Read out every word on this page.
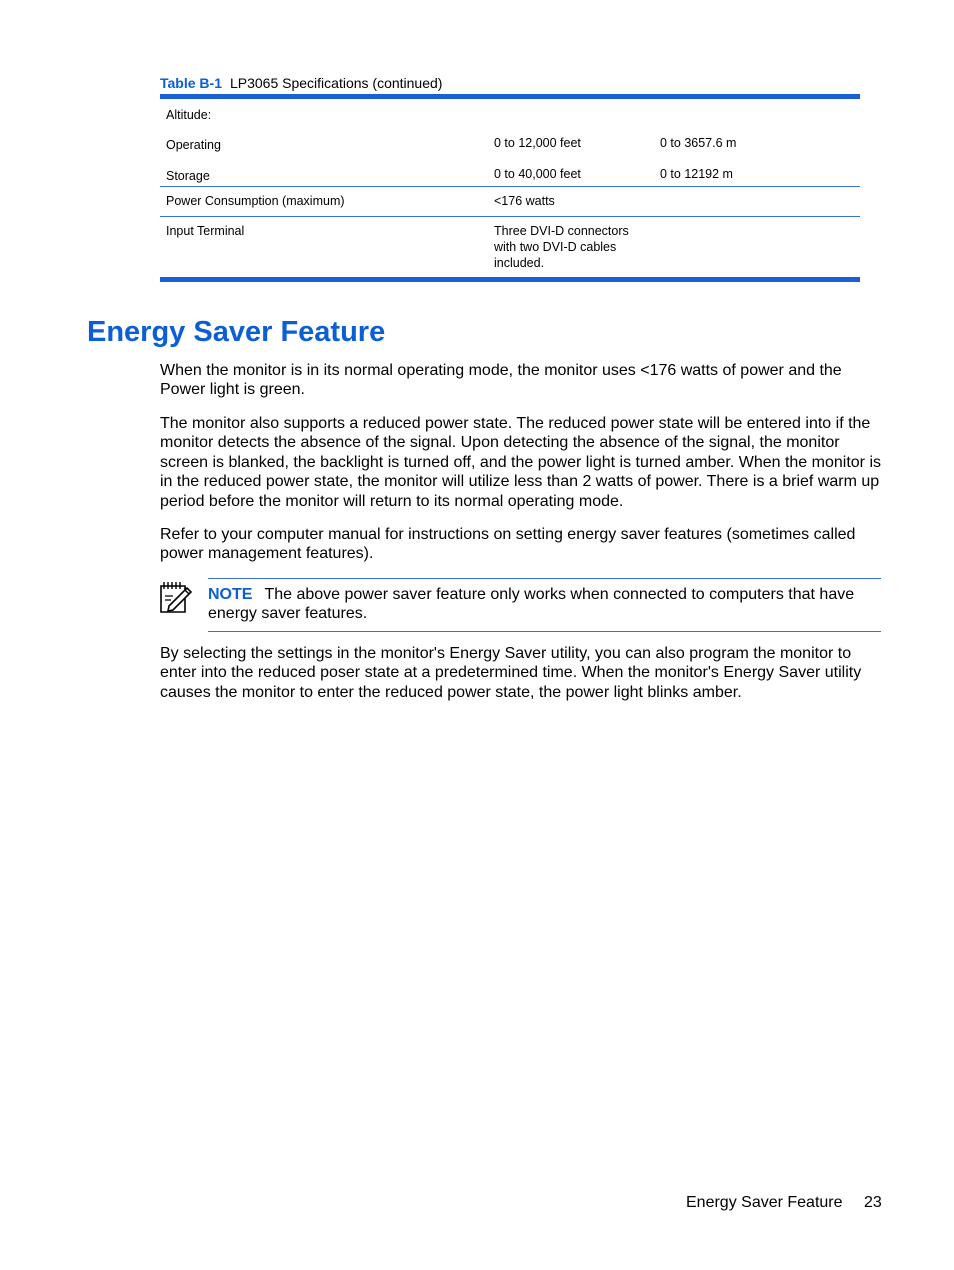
Table B-1 LP3065 Specifications (continued)
Altitude:
Operating	0 to 12,000 feet	0 to 3657.6 m
Storage	0 to 40,000 feet	0 to 12192 m
Power Consumption (maximum)	<176 watts
Input Terminal	Three DVI-D connectors with two DVI-D cables included.
Energy Saver Feature

When the monitor is in its normal operating mode, the monitor uses <176 watts of power and the Power light is green.

The monitor also supports a reduced power state. The reduced power state will be entered into if the monitor detects the absence of the signal. Upon detecting the absence of the signal, the monitor screen is blanked, the backlight is turned off, and the power light is turned amber. When the monitor is in the reduced power state, the monitor will utilize less than 2 watts of power. There is a brief warm up period before the monitor will return to its normal operating mode.

Refer to your computer manual for instructions on setting energy saver features (sometimes called power management features).

NOTE The above power saver feature only works when connected to computers that have energy saver features.

By selecting the settings in the monitor's Energy Saver utility, you can also program the monitor to enter into the reduced poser state at a predetermined time. When the monitor's Energy Saver utility causes the monitor to enter the reduced power state, the power light blinks amber.

Energy Saver Feature 23
